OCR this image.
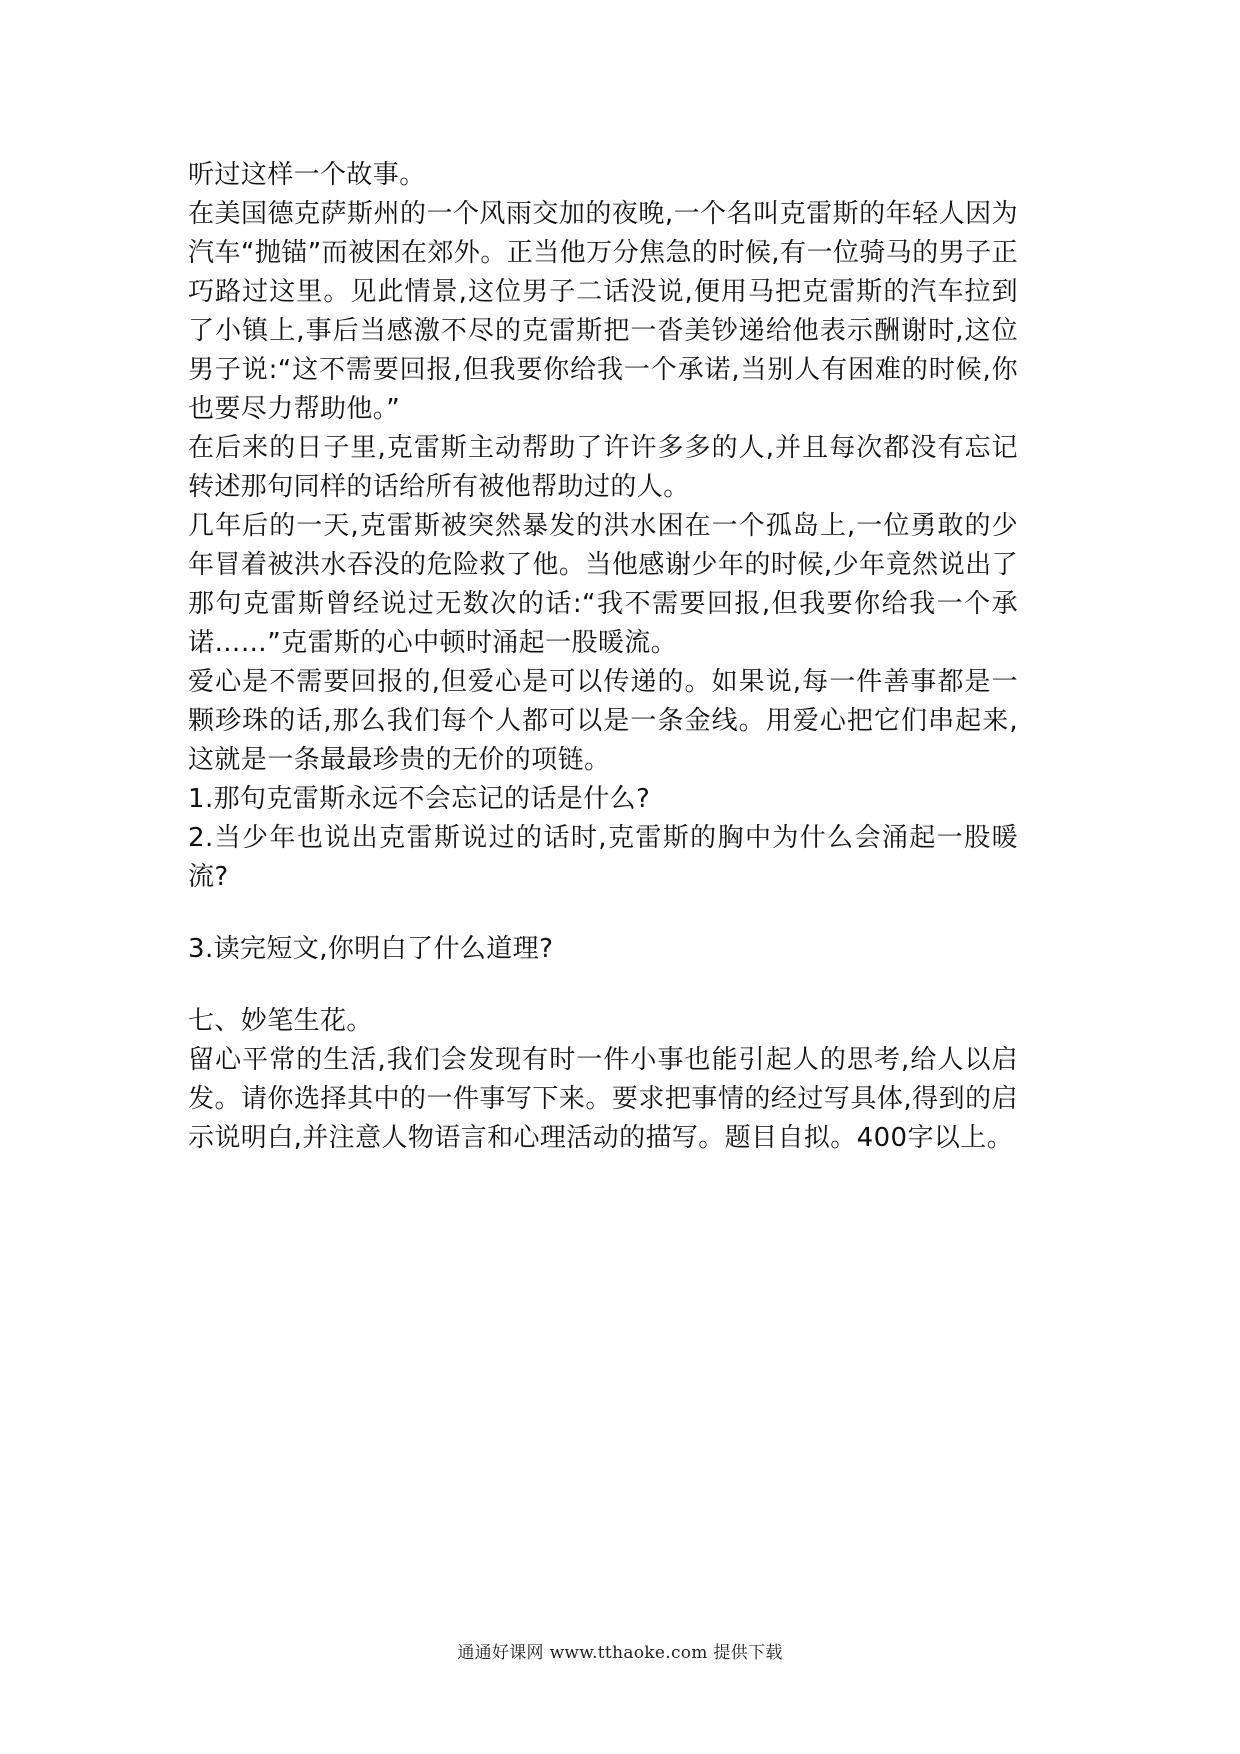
听过这样一个故事。

在美国德克萨斯州的一个风雨交加的夜晚,一个名叫克雷斯的年轻人因为汽车“抛锚”而被困在郊外。正当他万分焦急的时候,有一位骑马的男子正巧路过这里。见此情景,这位男子二话没说,便用马把克雷斯的汽车拉到了小镇上,事后当感激不尽的克雷斯把一沓美钞递给他表示酬谢时,这位男子说:“这不需要回报,但我要你给我一个承诺,当别人有困难的时候,你也要尽力帮助他。”

在后来的日子里,克雷斯主动帮助了许许多多的人,并且每次都没有忘记转述那句同样的话给所有被他帮助过的人。

几年后的一天,克雷斯被突然暴发的洪水困在一个孤岛上,一位勇敢的少年冒着被洪水吞没的危险救了他。当他感谢少年的时候,少年竟然说出了那句克雷斯曾经说过无数次的话:“我不需要回报,但我要你给我一个承诺……”克雷斯的心中顿时涌起一股暖流。

爱心是不需要回报的,但爱心是可以传递的。如果说,每一件善事都是一颗珍珠的话,那么我们每个人都可以是一条金线。用爱心把它们串起来,这就是一条最最珍贵的无价的项链。

1.那句克雷斯永远不会忘记的话是什么?

2.当少年也说出克雷斯说过的话时,克雷斯的胸中为什么会涌起一股暖流?

3.读完短文,你明白了什么道理?

七、妙笔生花。

留心平常的生活,我们会发现有时一件小事也能引起人的思考,给人以启发。请你选择其中的一件事写下来。要求把事情的经过写具体,得到的启示说明白,并注意人物语言和心理活动的描写。题目自拟。400字以上。

通通好课网 www.tthaoke.com 提供下载
